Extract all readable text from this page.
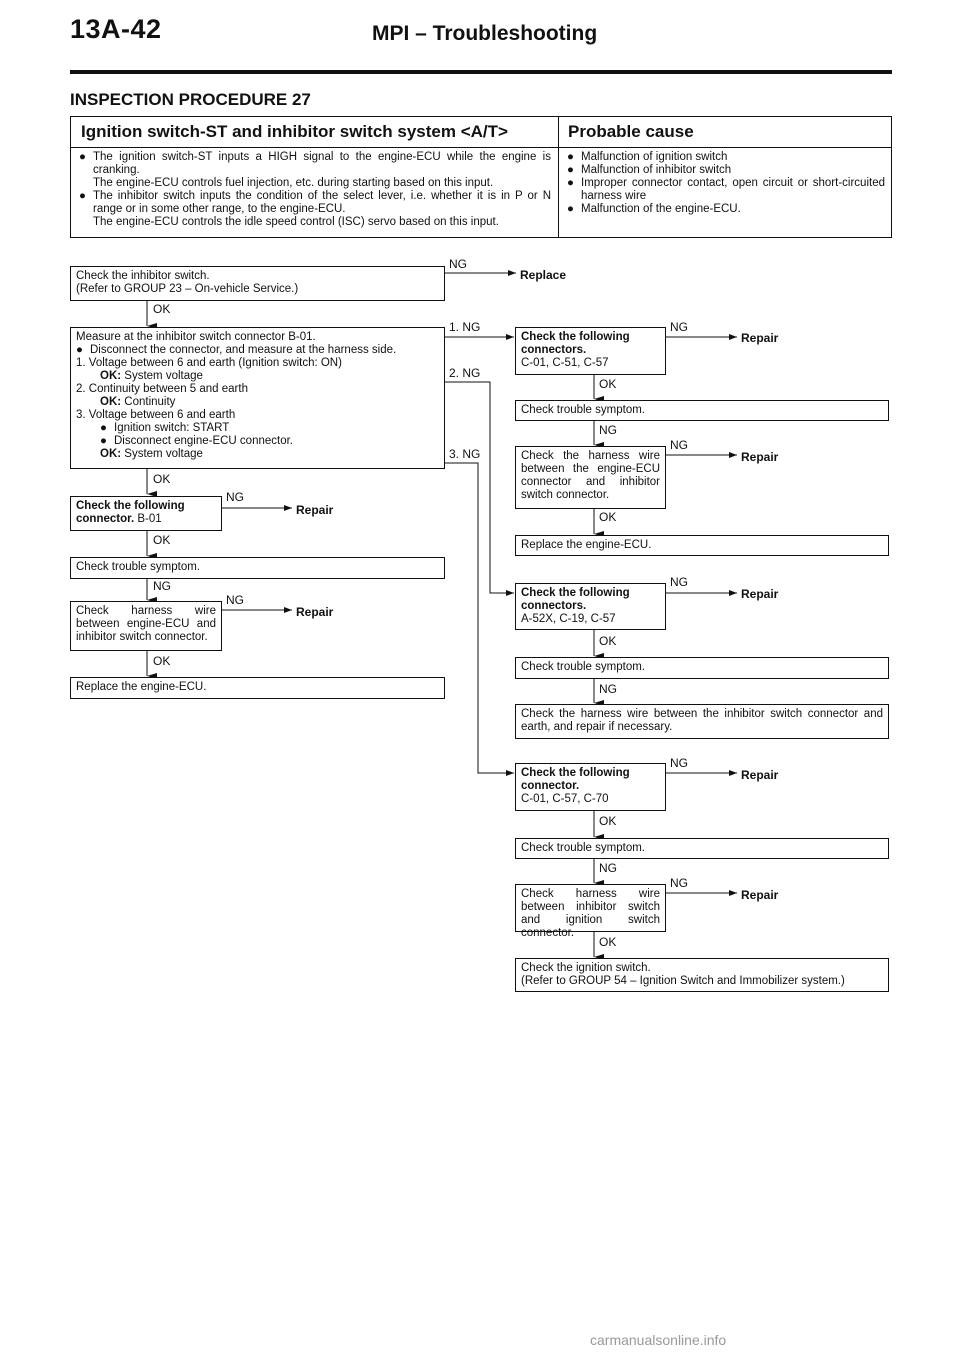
13A-42	MPI – Troubleshooting
INSPECTION PROCEDURE 27
Ignition switch-ST and inhibitor switch system <A/T>	Probable cause
● The ignition switch-ST inputs a HIGH signal to the engine-ECU while the engine is cranking.
The engine-ECU controls fuel injection, etc. during starting based on this input.
● The inhibitor switch inputs the condition of the select lever, i.e. whether it is in P or N range or in some other range, to the engine-ECU.
The engine-ECU controls the idle speed control (ISC) servo based on this input.
● Malfunction of ignition switch
● Malfunction of inhibitor switch
● Improper connector contact, open circuit or short-circuited harness wire
● Malfunction of the engine-ECU.
Check the inhibitor switch.
(Refer to GROUP 23 – On-vehicle Service.)
NG
Replace
OK
Measure at the inhibitor switch connector B-01.
● Disconnect the connector, and measure at the harness side.
1. Voltage between 6 and earth (Ignition switch: ON)
OK: System voltage
2. Continuity between 5 and earth
OK: Continuity
3. Voltage between 6 and earth
● Ignition switch: START
● Disconnect engine-ECU connector.
OK: System voltage
1. NG
2. NG
3. NG
OK
Check the following connector. B-01
NG
Repair
OK
Check trouble symptom.
NG
Check harness wire between engine-ECU and inhibitor switch connector.
NG
Repair
OK
Replace the engine-ECU.
Check the following connectors.
C-01, C-51, C-57
NG
Repair
OK
Check trouble symptom.
NG
Check the harness wire between the engine-ECU connector and inhibitor switch connector.
NG
Repair
OK
Replace the engine-ECU.
Check the following connectors.
A-52X, C-19, C-57
NG
Repair
OK
Check trouble symptom.
NG
Check the harness wire between the inhibitor switch connector and earth, and repair if necessary.
Check the following connector.
C-01, C-57, C-70
NG
Repair
OK
Check trouble symptom.
NG
Check harness wire between inhibitor switch and ignition switch connector.
NG
Repair
OK
Check the ignition switch.
(Refer to GROUP 54 – Ignition Switch and Immobilizer system.)
carmanualsonline.info
